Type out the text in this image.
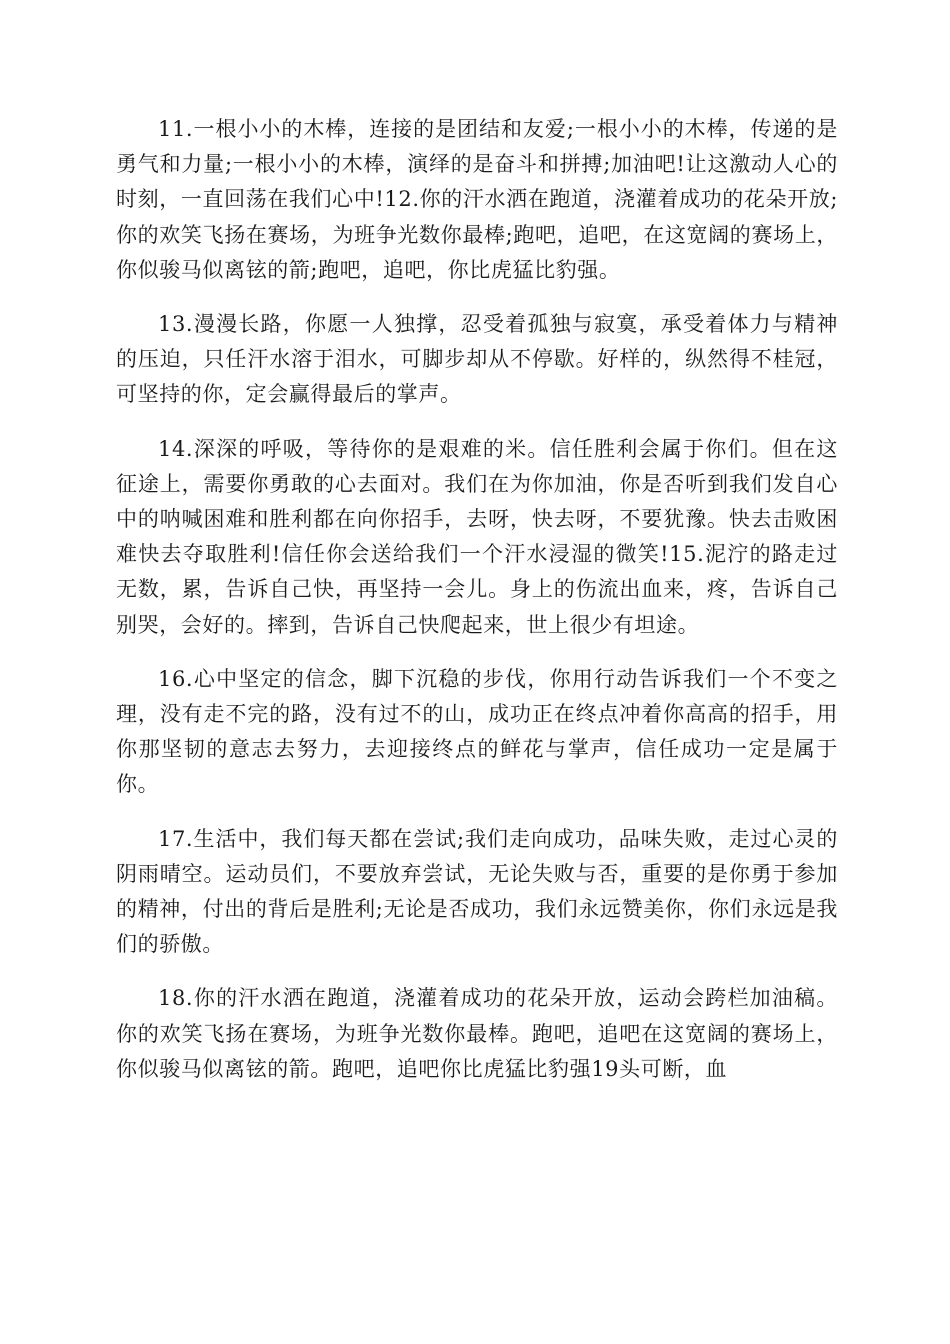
11.一根小小的木棒，连接的是团结和友爱;一根小小的木棒，传递的是勇气和力量;一根小小的木棒，演绎的是奋斗和拼搏;加油吧!让这激动人心的时刻，一直回荡在我们心中!12.你的汗水洒在跑道，浇灌着成功的花朵开放;你的欢笑飞扬在赛场，为班争光数你最棒;跑吧，追吧，在这宽阔的赛场上，你似骏马似离铉的箭;跑吧，追吧，你比虎猛比豹强。

13.漫漫长路，你愿一人独撑，忍受着孤独与寂寞，承受着体力与精神的压迫，只任汗水溶于泪水，可脚步却从不停歇。好样的，纵然得不桂冠，可坚持的你，定会赢得最后的掌声。

14.深深的呼吸，等待你的是艰难的米。信任胜利会属于你们。但在这征途上，需要你勇敢的心去面对。我们在为你加油，你是否听到我们发自心中的呐喊困难和胜利都在向你招手，去呀，快去呀，不要犹豫。快去击败困难快去夺取胜利!信任你会送给我们一个汗水浸湿的微笑!15.泥泞的路走过无数，累，告诉自己快，再坚持一会儿。身上的伤流出血来，疼，告诉自己别哭，会好的。摔到，告诉自己快爬起来，世上很少有坦途。

16.心中坚定的信念，脚下沉稳的步伐，你用行动告诉我们一个不变之理，没有走不完的路，没有过不的山，成功正在终点冲着你高高的招手，用你那坚韧的意志去努力，去迎接终点的鲜花与掌声，信任成功一定是属于你。

17.生活中，我们每天都在尝试;我们走向成功，品味失败，走过心灵的阴雨晴空。运动员们，不要放弃尝试，无论失败与否，重要的是你勇于参加的精神，付出的背后是胜利;无论是否成功，我们永远赞美你，你们永远是我们的骄傲。

18.你的汗水洒在跑道，浇灌着成功的花朵开放，运动会跨栏加油稿。你的欢笑飞扬在赛场，为班争光数你最棒。跑吧，追吧在这宽阔的赛场上，你似骏马似离铉的箭。跑吧，追吧你比虎猛比豹强19头可断，血
